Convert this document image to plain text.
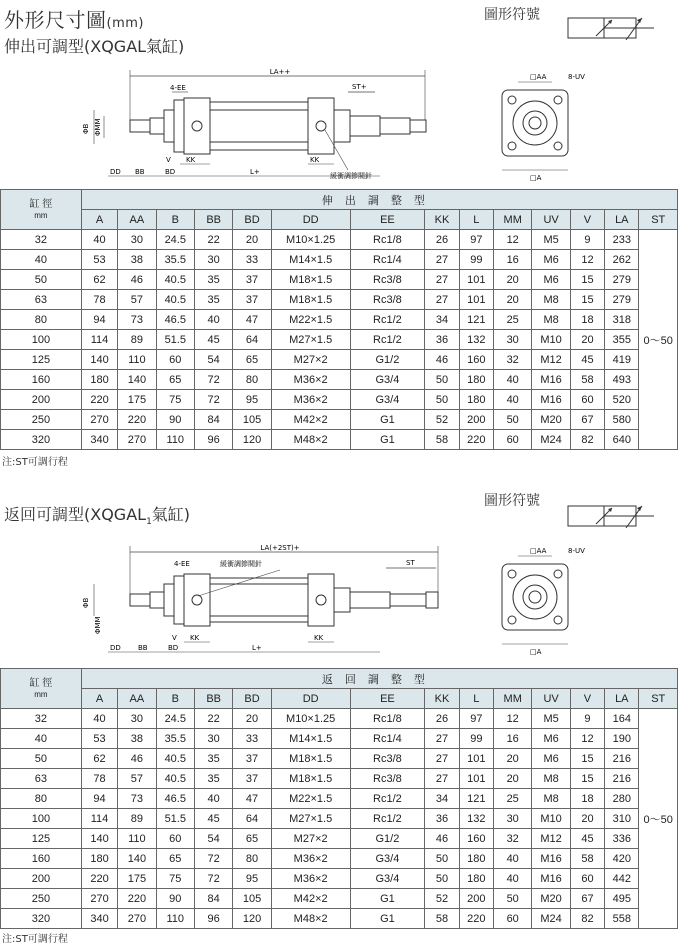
外形尺寸圖(mm)
伸出可調型(XQGAL氣缸)
圖形符號
LA++
ST+
4-EE
ΦB ΦMM
DD BB	BD
V KK
L+
KK
緩衝調節閥針
□AA	8-UV
□A
缸 徑
mm	伸出調整型													
	A	AA	B	BB	BD	DD	EE	KK	L	MM	UV	V	LA	ST
32	40	30	24.5	22	20	M10×1.25	Rc1/8	26	97	12	M5	9	233	0～50
40	53	38	35.5	30	33	M14×1.5	Rc1/4	27	99	16	M6	12	262	
50	62	46	40.5	35	37	M18×1.5	Rc3/8	27	101	20	M6	15	279	
63	78	57	40.5	35	37	M18×1.5	Rc3/8	27	101	20	M8	15	279	
80	94	73	46.5	40	47	M22×1.5	Rc1/2	34	121	25	M8	18	318	
100	114	89	51.5	45	64	M27×1.5	Rc1/2	36	132	30	M10	20	355	
125	140	110	60	54	65	M27×2	G1/2	46	160	32	M12	45	419	
160	180	140	65	72	80	M36×2	G3/4	50	180	40	M16	58	493	
200	220	175	75	72	95	M36×2	G3/4	50	180	40	M16	60	520	
250	270	220	90	84	105	M42×2	G1	52	200	50	M20	67	580	
320	340	270	110	96	120	M48×2	G1	58	220	60	M24	82	640	
注:ST可調行程
返回可調型($XQGAL_1$氣缸)
圖形符號
LA(+2ST)+
ST
4-EE	緩衝調節閥針
ΦB
ΦMM
DD BB	BD
V KK
L+
KK
□AA	8-UV
□A
缸 徑
mm	返回調整型													
	A	AA	B	BB	BD	DD	EE	KK	L	MM	UV	V	LA	ST
32	40	30	24.5	22	20	M10×1.25	Rc1/8	26	97	12	M5	9	164	0～50
40	53	38	35.5	30	33	M14×1.5	Rc1/4	27	99	16	M6	12	190	
50	62	46	40.5	35	37	M18×1.5	Rc3/8	27	101	20	M6	15	216	
63	78	57	40.5	35	37	M18×1.5	Rc3/8	27	101	20	M8	15	216	
80	94	73	46.5	40	47	M22×1.5	Rc1/2	34	121	25	M8	18	280	
100	114	89	51.5	45	64	M27×1.5	Rc1/2	36	132	30	M10	20	310	
125	140	110	60	54	65	M27×2	G1/2	46	160	32	M12	45	336	
160	180	140	65	72	80	M36×2	G3/4	50	180	40	M16	58	420	
200	220	175	75	72	95	M36×2	G3/4	50	180	40	M16	60	442	
250	270	220	90	84	105	M42×2	G1	52	200	50	M20	67	495	
320	340	270	110	96	120	M48×2	G1	58	220	60	M24	82	558	
注:ST可調行程
